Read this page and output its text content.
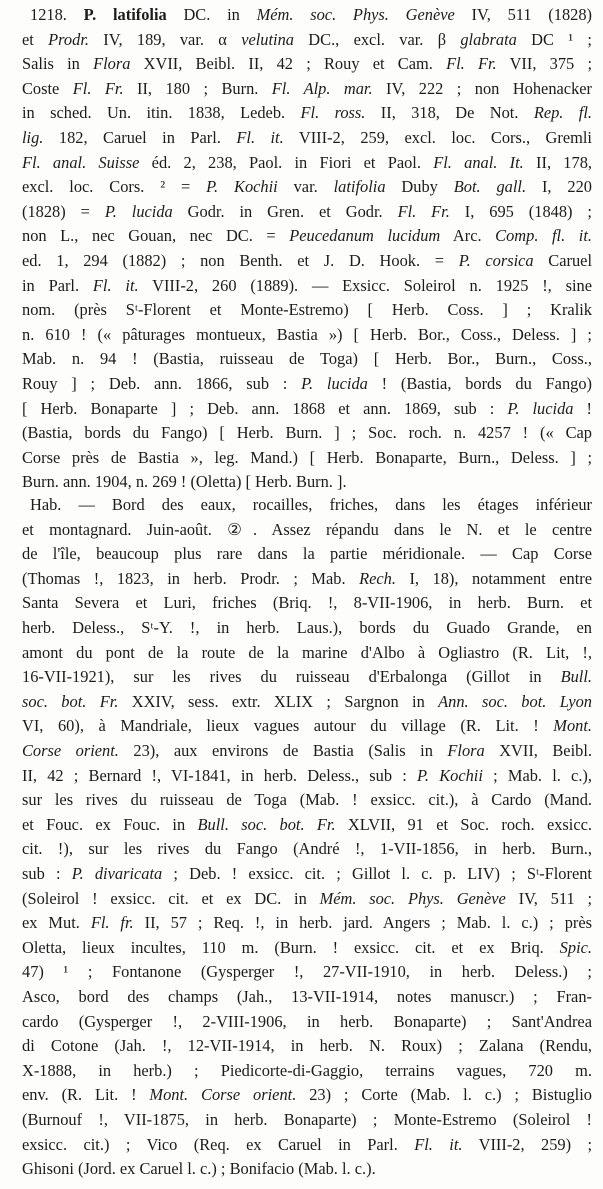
1218. P. latifolia DC. in Mém. soc. Phys. Genève IV, 511 (1828)
et Prodr. IV, 189, var. α velutina DC., excl. var. β glabrata DC ¹ ;
Salis in Flora XVII, Beibl. II, 42 ; Rouy et Cam. Fl. Fr. VII, 375 ;
Coste Fl. Fr. II, 180 ; Burn. Fl. Alp. mar. IV, 222 ; non Hohenacker
in sched. Un. itin. 1838, Ledeb. Fl. ross. II, 318, De Not. Rep. fl.
lig. 182, Caruel in Parl. Fl. it. VIII-2, 259, excl. loc. Cors., Gremli
Fl. anal. Suisse éd. 2, 238, Paol. in Fiori et Paol. Fl. anal. It. II, 178,
excl. loc. Cors. ² = P. Kochii var. latifolia Duby Bot. gall. I, 220
(1828) = P. lucida Godr. in Gren. et Godr. Fl. Fr. I, 695 (1848) ;
non L., nec Gouan, nec DC. = Peucedanum lucidum Arc. Comp. fl. it.
ed. 1, 294 (1882) ; non Benth. et J. D. Hook. = P. corsica Caruel
in Parl. Fl. it. VIII-2, 260 (1889). — Exsicc. Soleirol n. 1925 !, sine
nom. (près Sᵗ-Florent et Monte-Estremo) [ Herb. Coss. ] ; Kralik
n. 610 ! (« pâturages montueux, Bastia ») [ Herb. Bor., Coss., Deless. ] ;
Mab. n. 94 ! (Bastia, ruisseau de Toga) [ Herb. Bor., Burn., Coss.,
Rouy ] ; Deb. ann. 1866, sub : P. lucida ! (Bastia, bords du Fango)
[ Herb. Bonaparte ] ; Deb. ann. 1868 et ann. 1869, sub : P. lucida !
(Bastia, bords du Fango) [ Herb. Burn. ] ; Soc. roch. n. 4257 ! (« Cap
Corse près de Bastia », leg. Mand.) [ Herb. Bonaparte, Burn., Deless. ] ;
Burn. ann. 1904, n. 269 ! (Oletta) [ Herb. Burn. ].
Hab. — Bord des eaux, rocailles, friches, dans les étages inférieur
et montagnard. Juin-août. ②. Assez répandu dans le N. et le centre
de l'île, beaucoup plus rare dans la partie méridionale. — Cap Corse
(Thomas !, 1823, in herb. Prodr. ; Mab. Rech. I, 18), notamment entre
Santa Severa et Luri, friches (Briq. !, 8-VII-1906, in herb. Burn. et
herb. Deless., Sᵗ-Y. !, in herb. Laus.), bords du Guado Grande, en
amont du pont de la route de la marine d'Albo à Ogliastro (R. Lit, !,
16-VII-1921), sur les rives du ruisseau d'Erbalonga (Gillot in Bull.
soc. bot. Fr. XXIV, sess. extr. XLIX ; Sargnon in Ann. soc. bot. Lyon
VI, 60), à Mandriale, lieux vagues autour du village (R. Lit. ! Mont.
Corse orient. 23), aux environs de Bastia (Salis in Flora XVII, Beibl.
II, 42 ; Bernard !, VI-1841, in herb. Deless., sub : P. Kochii ; Mab. l. c.),
sur les rives du ruisseau de Toga (Mab. ! exsicc. cit.), à Cardo (Mand.
et Fouc. ex Fouc. in Bull. soc. bot. Fr. XLVII, 91 et Soc. roch. exsicc.
cit. !), sur les rives du Fango (André !, 1-VII-1856, in herb. Burn.,
sub : P. divaricata ; Deb. ! exsicc. cit. ; Gillot l. c. p. LIV) ; Sᵗ-Florent
(Soleirol ! exsicc. cit. et ex DC. in Mém. soc. Phys. Genève IV, 511 ;
ex Mut. Fl. fr. II, 57 ; Req. !, in herb. jard. Angers ; Mab. l. c.) ; près
Oletta, lieux incultes, 110 m. (Burn. ! exsicc. cit. et ex Briq. Spic.
47) ¹ ; Fontanone (Gysperger !, 27-VII-1910, in herb. Deless.) ;
Asco, bord des champs (Jah., 13-VII-1914, notes manuscr.) ; Fran-
cardo (Gysperger !, 2-VIII-1906, in herb. Bonaparte) ; Sant'Andrea
di Cotone (Jah. !, 12-VII-1914, in herb. N. Roux) ; Zalana (Rendu,
X-1888, in herb.) ; Piedicorte-di-Gaggio, terrains vagues, 720 m.
env. (R. Lit. ! Mont. Corse orient. 23) ; Corte (Mab. l. c.) ; Bistuglio
(Burnouf !, VII-1875, in herb. Bonaparte) ; Monte-Estremo (Soleirol !
exsicc. cit.) ; Vico (Req. ex Caruel in Parl. Fl. it. VIII-2, 259) ;
Ghisoni (Jord. ex Caruel l. c.) ; Bonifacio (Mab. l. c.).
